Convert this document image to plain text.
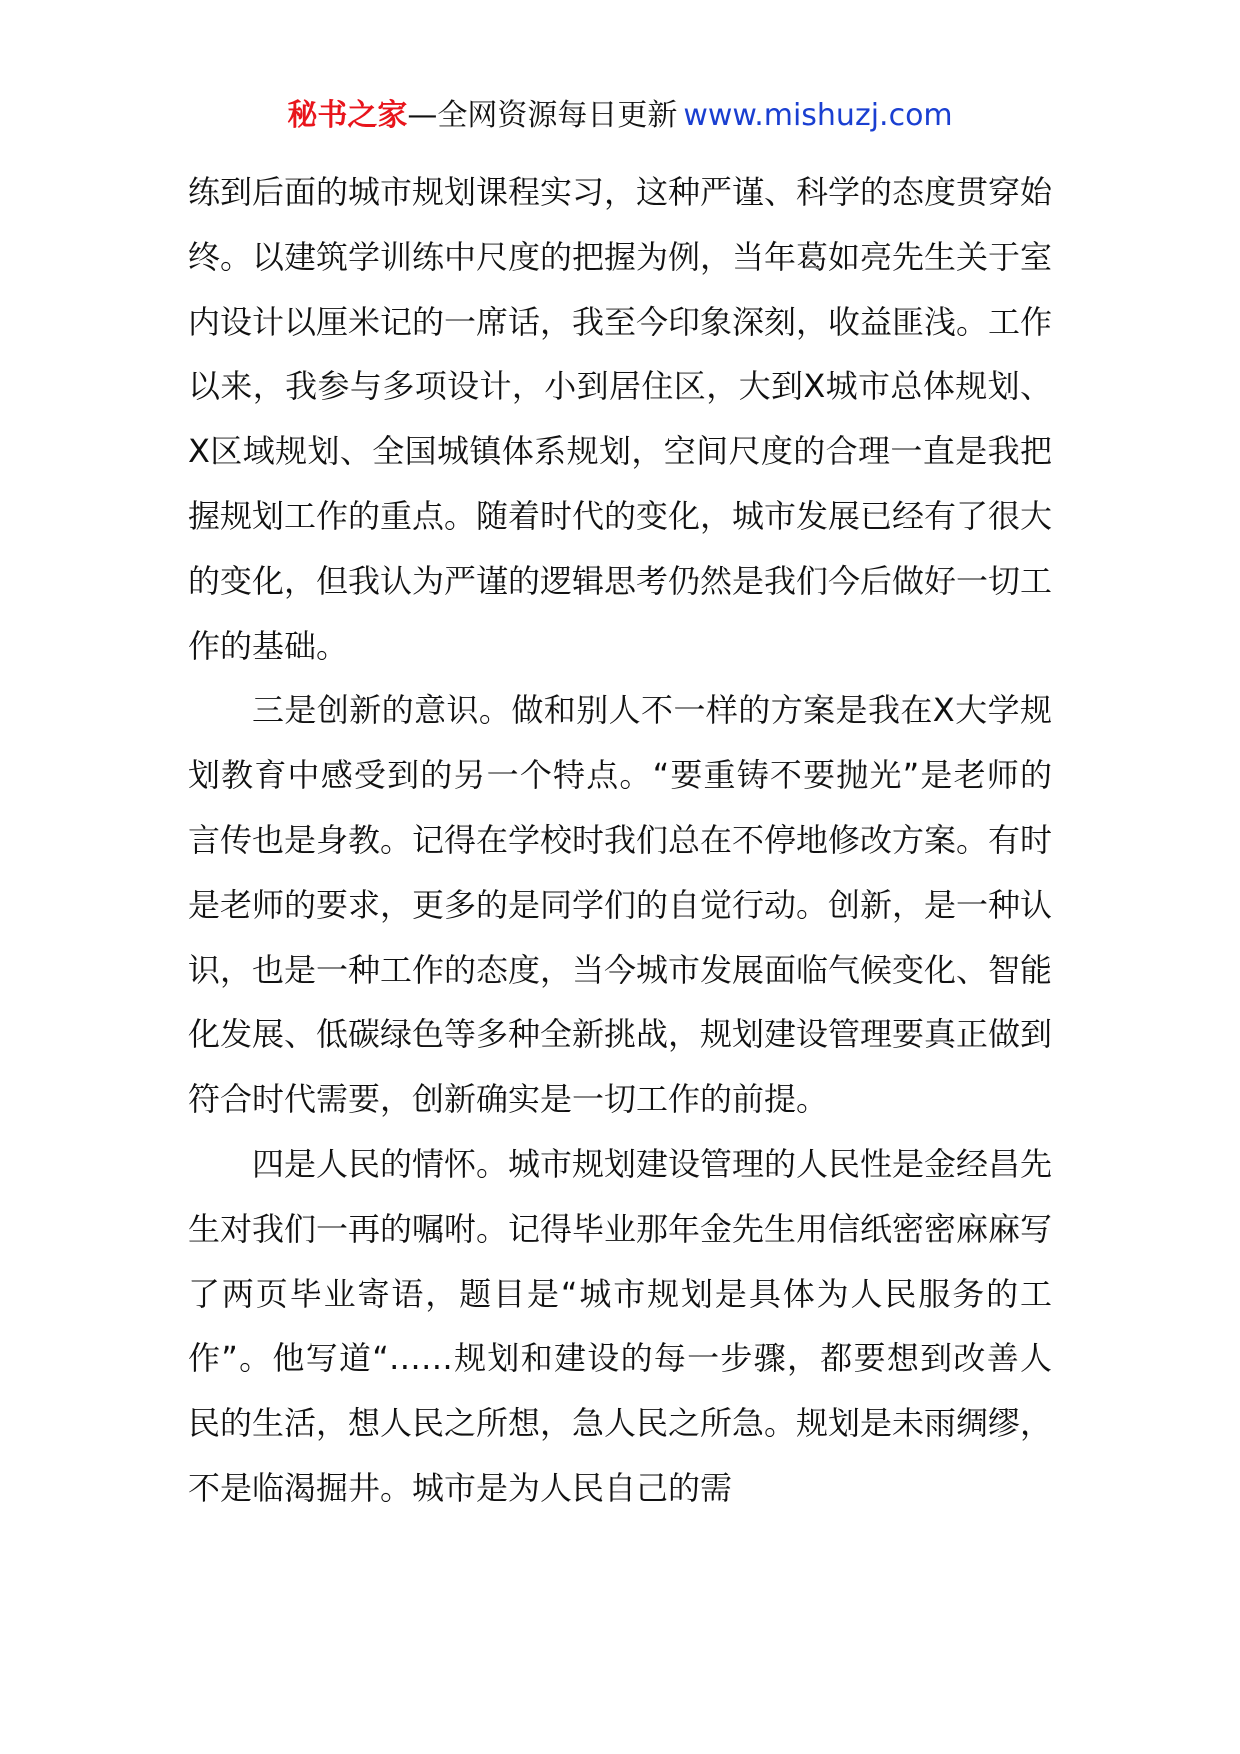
秘书之家—全网资源每日更新 www.mishuzj.com

练到后面的城市规划课程实习，这种严谨、科学的态度贯穿始终。以建筑学训练中尺度的把握为例，当年葛如亮先生关于室内设计以厘米记的一席话，我至今印象深刻，收益匪浅。工作以来，我参与多项设计，小到居住区，大到X城市总体规划、X区域规划、全国城镇体系规划，空间尺度的合理一直是我把握规划工作的重点。随着时代的变化，城市发展已经有了很大的变化，但我认为严谨的逻辑思考仍然是我们今后做好一切工作的基础。

三是创新的意识。做和别人不一样的方案是我在X大学规划教育中感受到的另一个特点。“要重铸不要抛光”是老师的言传也是身教。记得在学校时我们总在不停地修改方案。有时是老师的要求，更多的是同学们的自觉行动。创新，是一种认识，也是一种工作的态度，当今城市发展面临气候变化、智能化发展、低碳绿色等多种全新挑战，规划建设管理要真正做到符合时代需要，创新确实是一切工作的前提。

四是人民的情怀。城市规划建设管理的人民性是金经昌先生对我们一再的嘱咐。记得毕业那年金先生用信纸密密麻麻写了两页毕业寄语，题目是“城市规划是具体为人民服务的工作”。他写道“……规划和建设的每一步骤，都要想到改善人民的生活，想人民之所想，急人民之所急。规划是未雨绸缪，不是临渴掘井。城市是为人民自己的需
